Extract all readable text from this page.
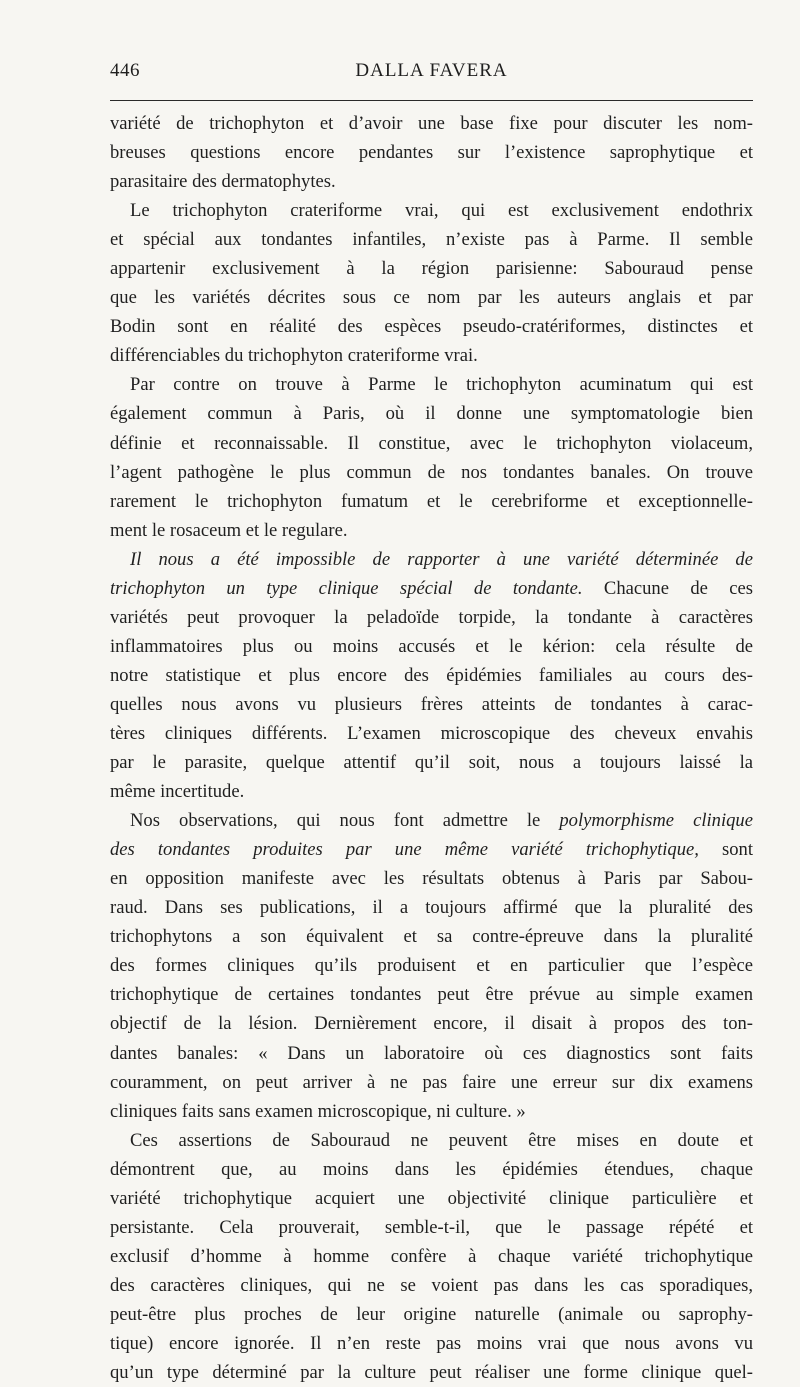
446	DALLA FAVERA
variété de trichophyton et d’avoir une base fixe pour discuter les nom-
breuses questions encore pendantes sur l’existence saprophytique et
parasitaire des dermatophytes.
Le trichophyton crateriforme vrai, qui est exclusivement endothrix
et spécial aux tondantes infantiles, n’existe pas à Parme. Il semble
appartenir exclusivement à la région parisienne: Sabouraud pense
que les variétés décrites sous ce nom par les auteurs anglais et par
Bodin sont en réalité des espèces pseudo-cratériformes, distinctes et
différenciables du trichophyton crateriforme vrai.
Par contre on trouve à Parme le trichophyton acuminatum qui est
également commun à Paris, où il donne une symptomatologie bien
définie et reconnaissable. Il constitue, avec le trichophyton violaceum,
l’agent pathogène le plus commun de nos tondantes banales. On trouve
rarement le trichophyton fumatum et le cerebriforme et exceptionnelle-
ment le rosaceum et le regulare.
Il nous a été impossible de rapporter à une variété déterminée de
trichophyton un type clinique spécial de tondante. Chacune de ces
variétés peut provoquer la peladoïde torpide, la tondante à caractères
inflammatoires plus ou moins accusés et le kérion: cela résulte de
notre statistique et plus encore des épidémies familiales au cours des-
quelles nous avons vu plusieurs frères atteints de tondantes à carac-
tères cliniques différents. L’examen microscopique des cheveux envahis
par le parasite, quelque attentif qu’il soit, nous a toujours laissé la
même incertitude.
Nos observations, qui nous font admettre le polymorphisme clinique
des tondantes produites par une même variété trichophytique, sont
en opposition manifeste avec les résultats obtenus à Paris par Sabou-
raud. Dans ses publications, il a toujours affirmé que la pluralité des
trichophytons a son équivalent et sa contre-épreuve dans la pluralité
des formes cliniques qu’ils produisent et en particulier que l’espèce
trichophytique de certaines tondantes peut être prévue au simple examen
objectif de la lésion. Dernièrement encore, il disait à propos des ton-
dantes banales: « Dans un laboratoire où ces diagnostics sont faits
couramment, on peut arriver à ne pas faire une erreur sur dix examens
cliniques faits sans examen microscopique, ni culture. »
Ces assertions de Sabouraud ne peuvent être mises en doute et
démontrent que, au moins dans les épidémies étendues, chaque
variété trichophytique acquiert une objectivité clinique particulière et
persistante. Cela prouverait, semble-t-il, que le passage répété et
exclusif d’homme à homme confère à chaque variété trichophytique
des caractères cliniques, qui ne se voient pas dans les cas sporadiques,
peut-être plus proches de leur origine naturelle (animale ou saprophy-
tique) encore ignorée. Il n’en reste pas moins vrai que nous avons vu
qu’un type déterminé par la culture peut réaliser une forme clinique quel-
